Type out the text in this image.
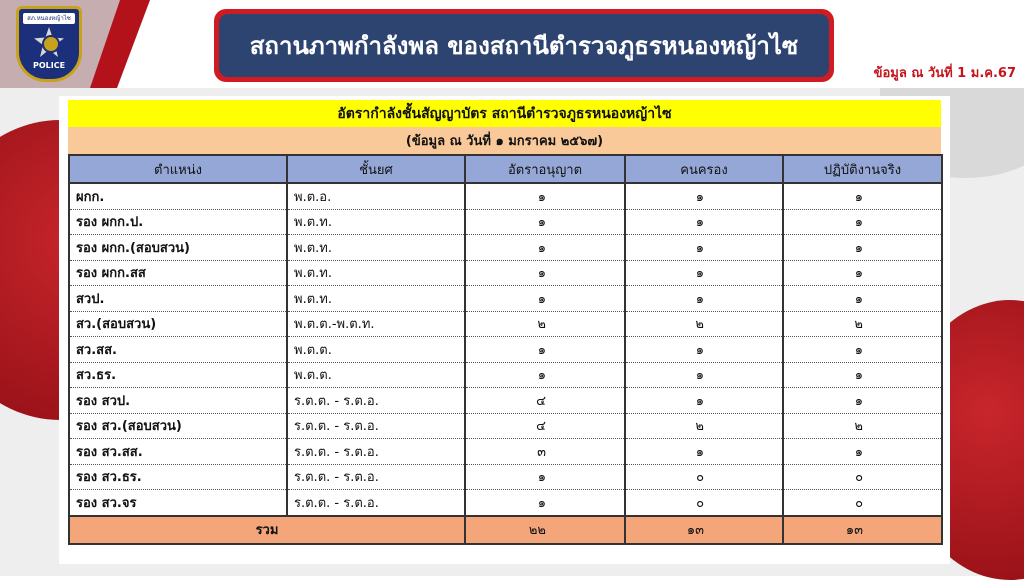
สภ.หนองหญ้าไซ
POLICE
สถานภาพกำลังพล ของสถานีตำรวจภูธรหนองหญ้าไซ
ข้อมูล ณ วันที่ 1 ม.ค.67
อัตรากำลังชั้นสัญญาบัตร สถานีตำรวจภูธรหนองหญ้าไซ
(ข้อมูล ณ วันที่ ๑ มกราคม ๒๕๖๗)
ตำแหน่ง	ชั้นยศ	อัตราอนุญาต	คนครอง	ปฏิบัติงานจริง
ผกก.	พ.ต.อ.	๑	๑	๑
รอง ผกก.ป.	พ.ต.ท.	๑	๑	๑
รอง ผกก.(สอบสวน)	พ.ต.ท.	๑	๑	๑
รอง ผกก.สส	พ.ต.ท.	๑	๑	๑
สวป.	พ.ต.ท.	๑	๑	๑
สว.(สอบสวน)	พ.ต.ต.-พ.ต.ท.	๒	๒	๒
สว.สส.	พ.ต.ต.	๑	๑	๑
สว.ธร.	พ.ต.ต.	๑	๑	๑
รอง สวป.	ร.ต.ต. - ร.ต.อ.	๔	๑	๑
รอง สว.(สอบสวน)	ร.ต.ต. - ร.ต.อ.	๔	๒	๒
รอง สว.สส.	ร.ต.ต. - ร.ต.อ.	๓	๑	๑
รอง สว.ธร.	ร.ต.ต. - ร.ต.อ.	๑	๐	๐
รอง สว.จร	ร.ต.ต. - ร.ต.อ.	๑	๐	๐
รวม		๒๒	๑๓	๑๓
